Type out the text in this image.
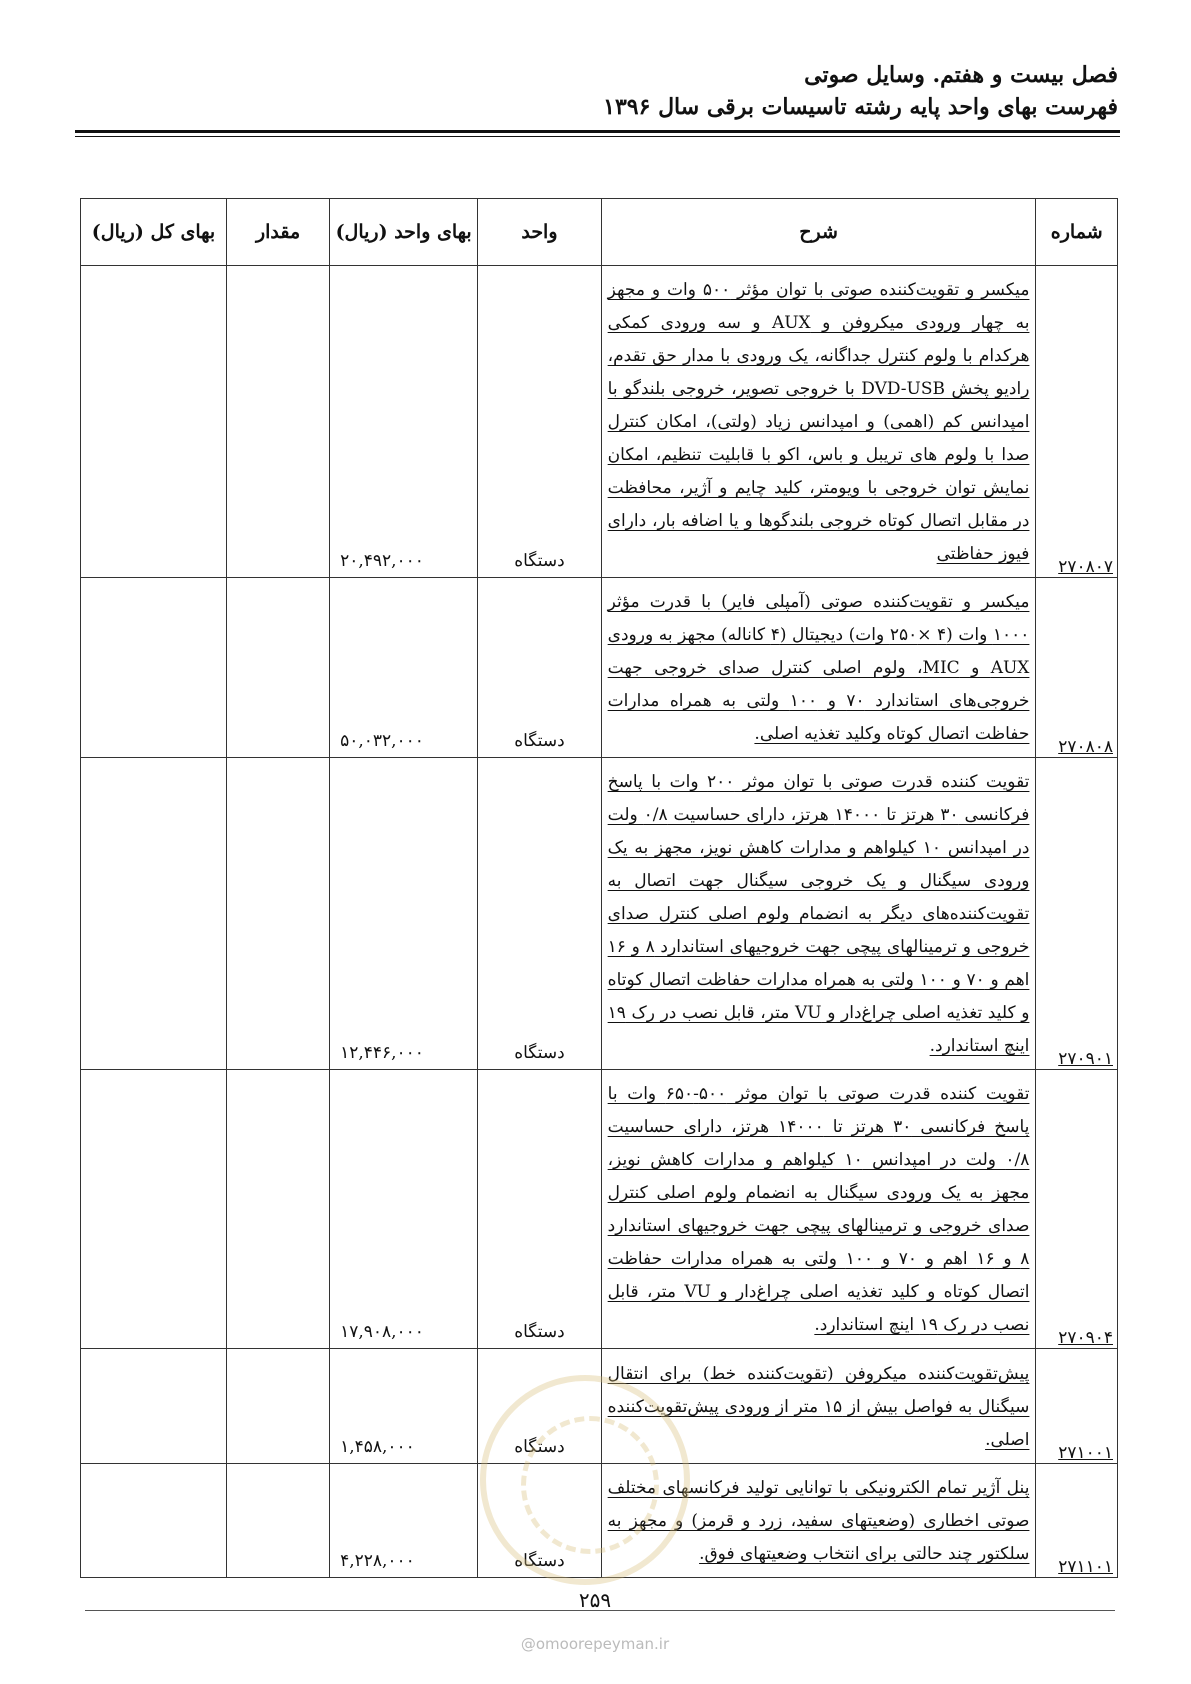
فصل بیست و هفتم. وسایل صوتی
فهرست بهای واحد پایه رشته تاسیسات برقی سال ۱۳۹۶
شماره	شرح	واحد	بهای واحد (ریال)	مقدار	بهای کل (ریال)
۲۷۰۸۰۷	میکسر و تقویت‌کننده صوتی با توان مؤثر ۵۰۰ وات و مجهز به چهار ورودی میکروفن و AUX و سه ورودی کمکی هرکدام با ولوم کنترل جداگانه، یک ورودی با مدار حق تقدم، رادیو پخش DVD-USB با خروجی تصویر، خروجی بلندگو با امپدانس کم (اهمی) و امپدانس زیاد (ولتی)، امکان کنترل صدا با ولوم های تریبل و باس، اکو با قابلیت تنظیم، امکان نمایش توان خروجی با ویومتر، کلید چایم و آژیر، محافظت در مقابل اتصال کوتاه خروجی بلندگوها و یا اضافه بار، دارای فیوز حفاظتی	دستگاه	۲۰,۴۹۲,۰۰۰		
۲۷۰۸۰۸	میکسر و تقویت‌کننده صوتی (آمپلی فایر) با قدرت مؤثر ۱۰۰۰ وات (۴ ×۲۵۰ وات) دیجیتال (۴ کاناله) مجهز به ورودی AUX و MIC، ولوم اصلی کنترل صدای خروجی جهت خروجی‌های استاندارد ۷۰ و ۱۰۰ ولتی به همراه مدارات حفاظت اتصال کوتاه وکلید تغذیه اصلی.	دستگاه	۵۰,۰۳۲,۰۰۰		
۲۷۰۹۰۱	تقویت کننده قدرت صوتی با توان موثر ۲۰۰ وات با پاسخ فرکانسی ۳۰ هرتز تا ۱۴۰۰۰ هرتز، دارای حساسیت ۰/۸ ولت در امپدانس ۱۰ کیلواهم و مدارات کاهش نویز، مجهز به یک ورودی سیگنال و یک خروجی سیگنال جهت اتصال به تقویت‌کننده‌های دیگر به انضمام ولوم اصلی کنترل صدای خروجی و ترمینالهای پیچی جهت خروجیهای استاندارد ۸ و ۱۶ اهم و ۷۰ و ۱۰۰ ولتی به همراه مدارات حفاظت اتصال کوتاه و کلید تغذیه اصلی چراغ‌دار و VU متر، قابل نصب در رک ۱۹ اینچ استاندارد.	دستگاه	۱۲,۴۴۶,۰۰۰		
۲۷۰۹۰۴	تقویت کننده قدرت صوتی با توان موثر ۵۰۰-۶۵۰ وات با پاسخ فرکانسی ۳۰ هرتز تا ۱۴۰۰۰ هرتز، دارای حساسیت ۰/۸ ولت در امپدانس ۱۰ کیلواهم و مدارات کاهش نویز، مجهز به یک ورودی سیگنال به انضمام ولوم اصلی کنترل صدای خروجی و ترمینالهای پیچی جهت خروجیهای استاندارد ۸ و ۱۶ اهم و ۷۰ و ۱۰۰ ولتی به همراه مدارات حفاظت اتصال کوتاه و کلید تغذیه اصلی چراغ‌دار و VU متر، قابل نصب در رک ۱۹ اینچ استاندارد.	دستگاه	۱۷,۹۰۸,۰۰۰		
۲۷۱۰۰۱	پیش‌تقویت‌کننده میکروفن (تقویت‌کننده خط) برای انتقال سیگنال به فواصل بیش از ۱۵ متر از ورودی پیش‌تقویت‌کننده اصلی.	دستگاه	۱,۴۵۸,۰۰۰		
۲۷۱۱۰۱	پنل آژیر تمام الکترونیکی با توانایی تولید فرکانسهای مختلف صوتی اخطاری (وضعیتهای سفید، زرد و قرمز) و مجهز به سلکتور چند حالتی برای انتخاب وضعیتهای فوق.	دستگاه	۴,۲۲۸,۰۰۰		
۲۵۹
@omoorepeyman.ir
